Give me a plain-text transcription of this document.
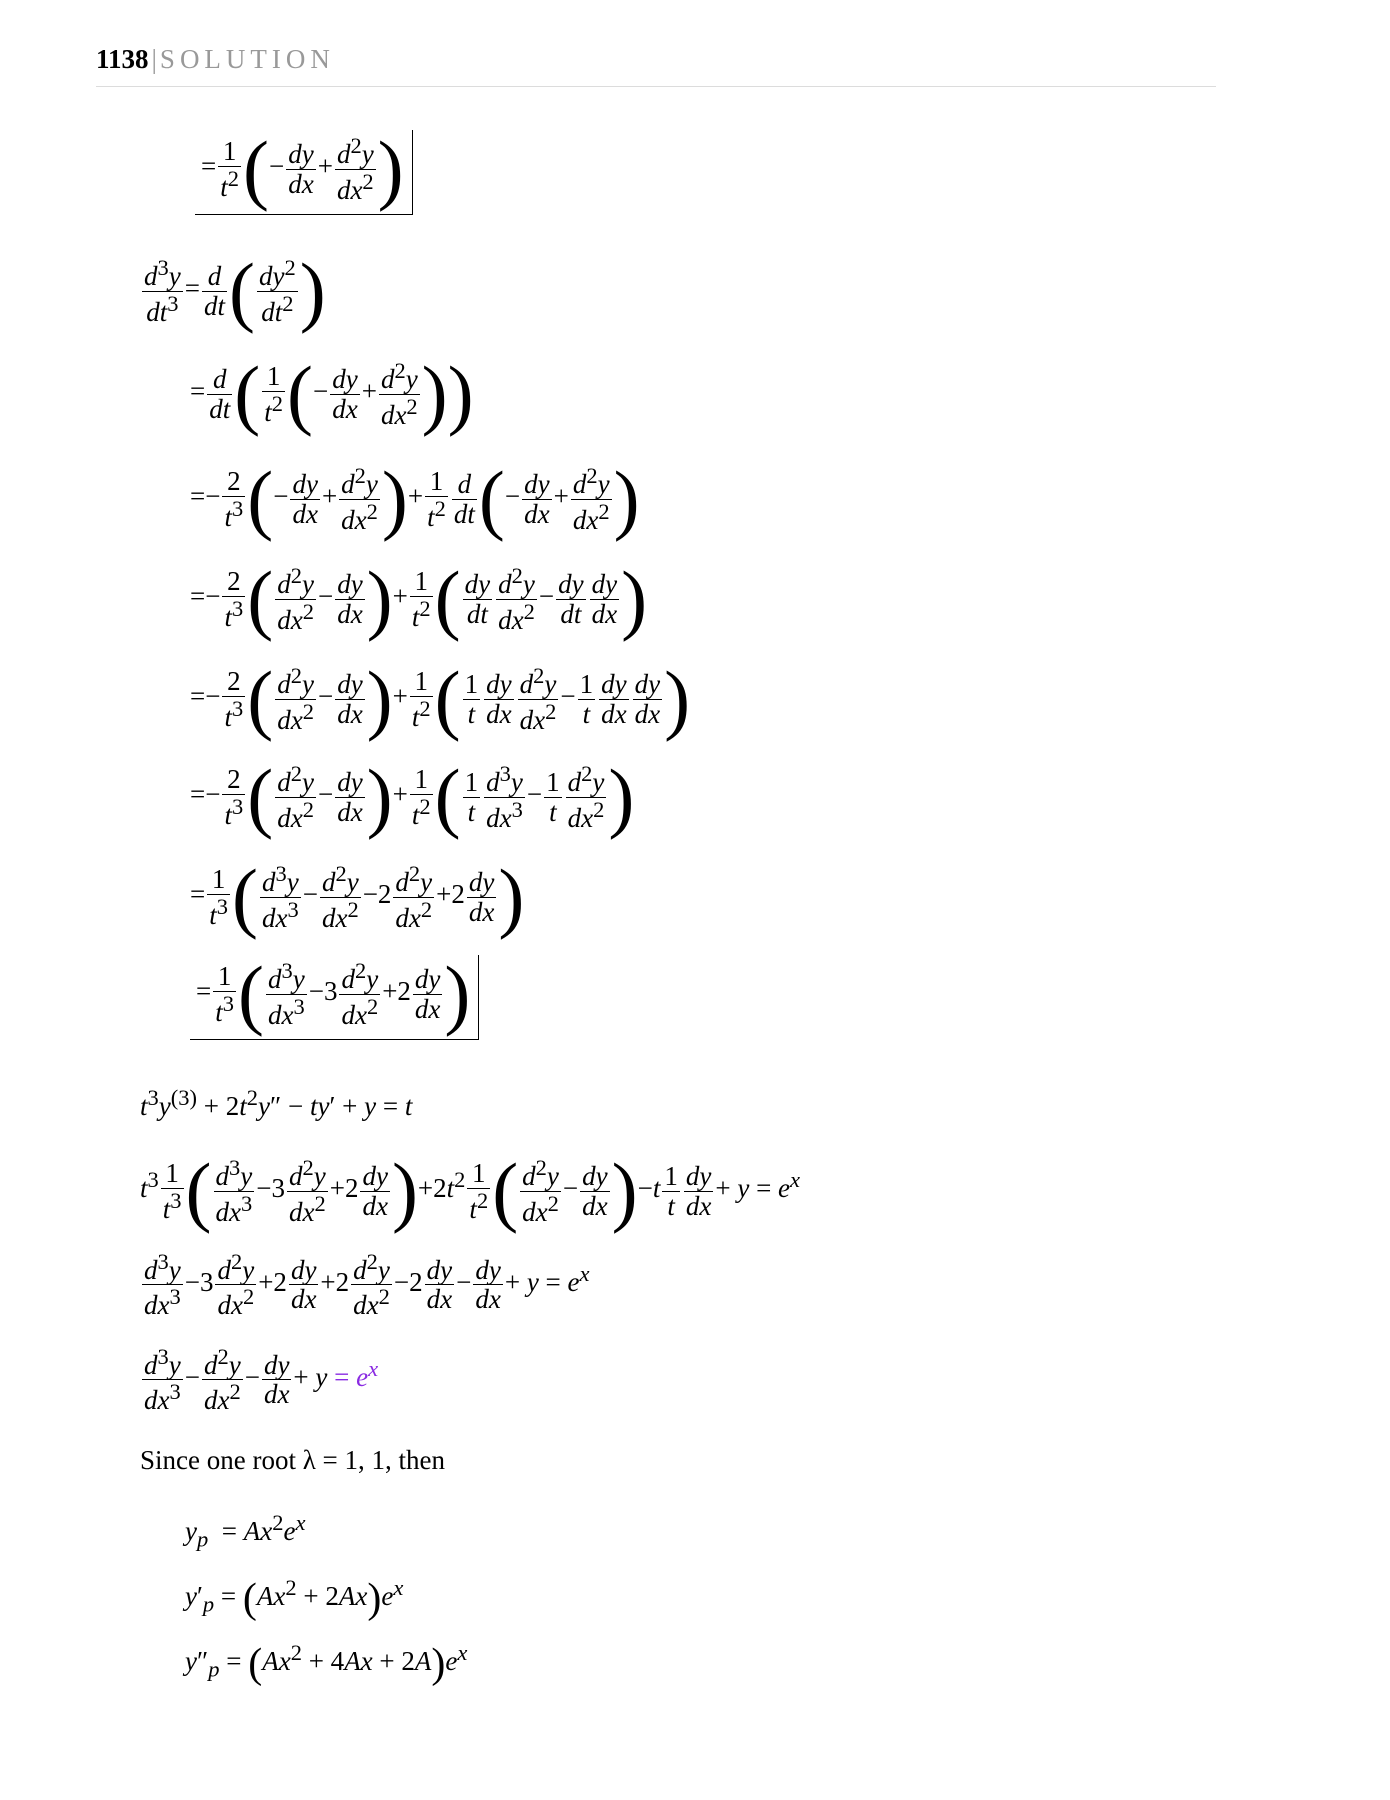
1138 | SOLUTION
= $\frac{1}{t^2}$ (− $\frac{dy}{dx} + \frac{d^2y}{dx^2}$ )
$\frac{d^3y}{dt^3} = \frac{d}{dt}$ ( $\frac{dy^2}{dt^2}$ )
= $\frac{d}{dt}$ ( $\frac{1}{t^2}$ (− $\frac{dy}{dx} + \frac{d^2y}{dx^2}$ ))
=− $\frac{2}{t^3}$ (− $\frac{dy}{dx} + \frac{d^2y}{dx^2}$ )+ $\frac{1}{t^2} \frac{d}{dt}$ (− $\frac{dy}{dx} + \frac{d^2y}{dx^2}$ )
=− $\frac{2}{t^3}$ ( $\frac{d^2y}{dx^2} - \frac{dy}{dx}$ )+ $\frac{1}{t^2}$ ( $\frac{dy}{dt} \frac{d^2y}{dx^2} - \frac{dy}{dt} \frac{dy}{dx}$ )
=− $\frac{2}{t^3}$ ( $\frac{d^2y}{dx^2} - \frac{dy}{dx}$ )+ $\frac{1}{t^2}$ ( $\frac{1}{t} \frac{dy}{dx} \frac{d^2y}{dx^2} - \frac{1}{t} \frac{dy}{dx} \frac{dy}{dx}$ )
=− $\frac{2}{t^3}$ ( $\frac{d^2y}{dx^2} - \frac{dy}{dx}$ )+ $\frac{1}{t^2}$ ( $\frac{1}{t} \frac{d^3y}{dx^3} - \frac{1}{t} \frac{d^2y}{dx^2}$ )
= $\frac{1}{t^3}$ ( $\frac{d^3y}{dx^3} - \frac{d^2y}{dx^2} -2 \frac{d^2y}{dx^2} +2 \frac{dy}{dx}$ )
= $\frac{1}{t^3}$ ( $\frac{d^3y}{dx^3} -3 \frac{d^2y}{dx^2} +2 \frac{dy}{dx}$ )
$t^3y^{(3)} + 2t^2y'' - ty' + y = t$
$t^3 \frac{1}{t^3}$ ( $\frac{d^3y}{dx^3} -3 \frac{d^2y}{dx^2} +2 \frac{dy}{dx} )+2t^2 \frac{1}{t^2}$ ( $\frac{d^2y}{dx^2} - \frac{dy}{dx} )-t \frac{1}{t} \frac{dy}{dx} + y = e^x$
$\frac{d^3y}{dx^3} -3 \frac{d^2y}{dx^2} +2 \frac{dy}{dx} +2 \frac{d^2y}{dx^2} -2 \frac{dy}{dx} - \frac{dy}{dx} + y = e^x$
$\frac{d^3y}{dx^3} - \frac{d^2y}{dx^2} - \frac{dy}{dx} + y = e^x$
Since one root λ = 1, 1, then
$y_p = Ax^2e^x$
$y'_p = (Ax^2 + 2Ax)e^x$
$y''_p = (Ax^2 + 4Ax + 2A)e^x$
